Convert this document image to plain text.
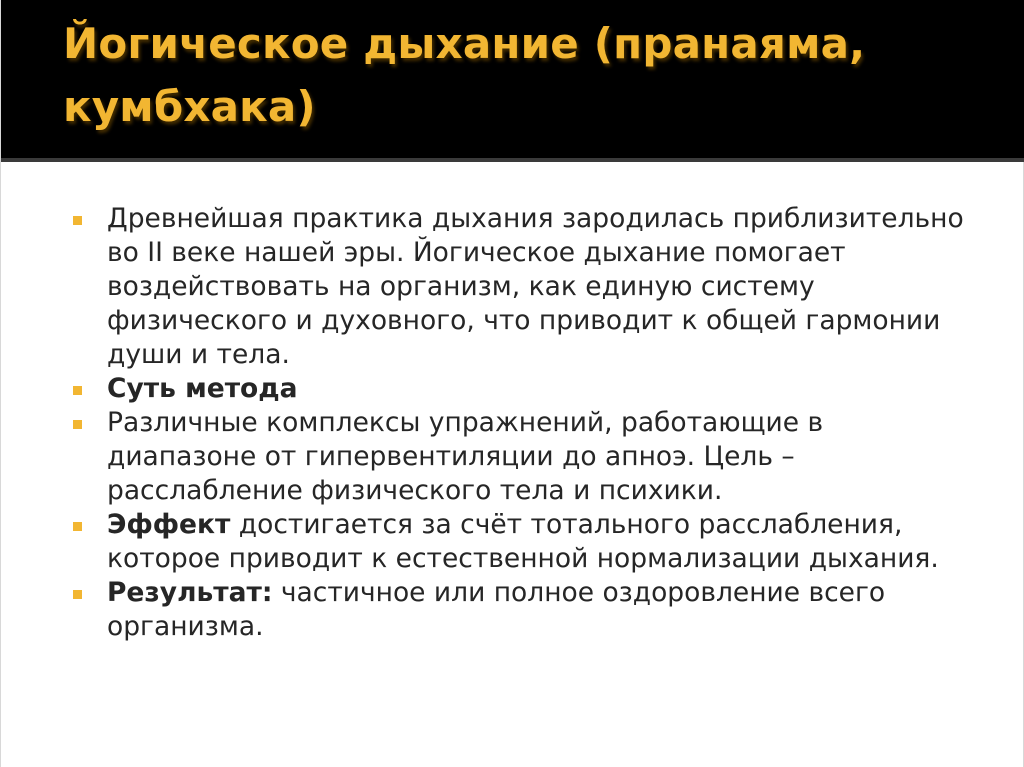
Йогическое дыхание (пранаяма, кумбхака)
Древнейшая практика дыхания зародилась приблизительно во II веке нашей эры. Йогическое дыхание помогает воздействовать на организм, как единую систему физического и духовного, что приводит к общей гармонии души и тела.
Суть метода
Различные комплексы упражнений, работающие в диапазоне от гипервентиляции до апноэ. Цель – расслабление физического тела и психики.
Эффект достигается за счёт тотального расслабления, которое приводит к естественной нормализации дыхания.
Результат: частичное или полное оздоровление всего организма.
